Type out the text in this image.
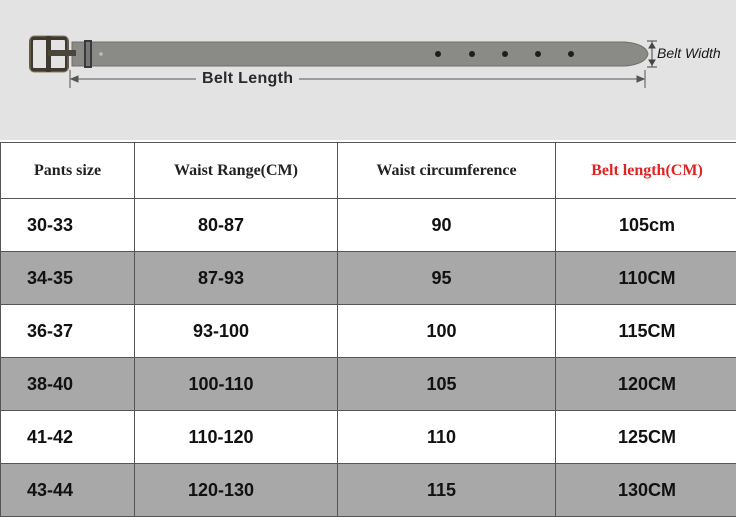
Belt Length
Belt Width
Pants size	Waist Range(CM)	Waist circumference	Belt length(CM)
30-33	80-87	90	105cm
34-35	87-93	95	110CM
36-37	93-100	100	115CM
38-40	100-110	105	120CM
41-42	110-120	110	125CM
43-44	120-130	115	130CM
